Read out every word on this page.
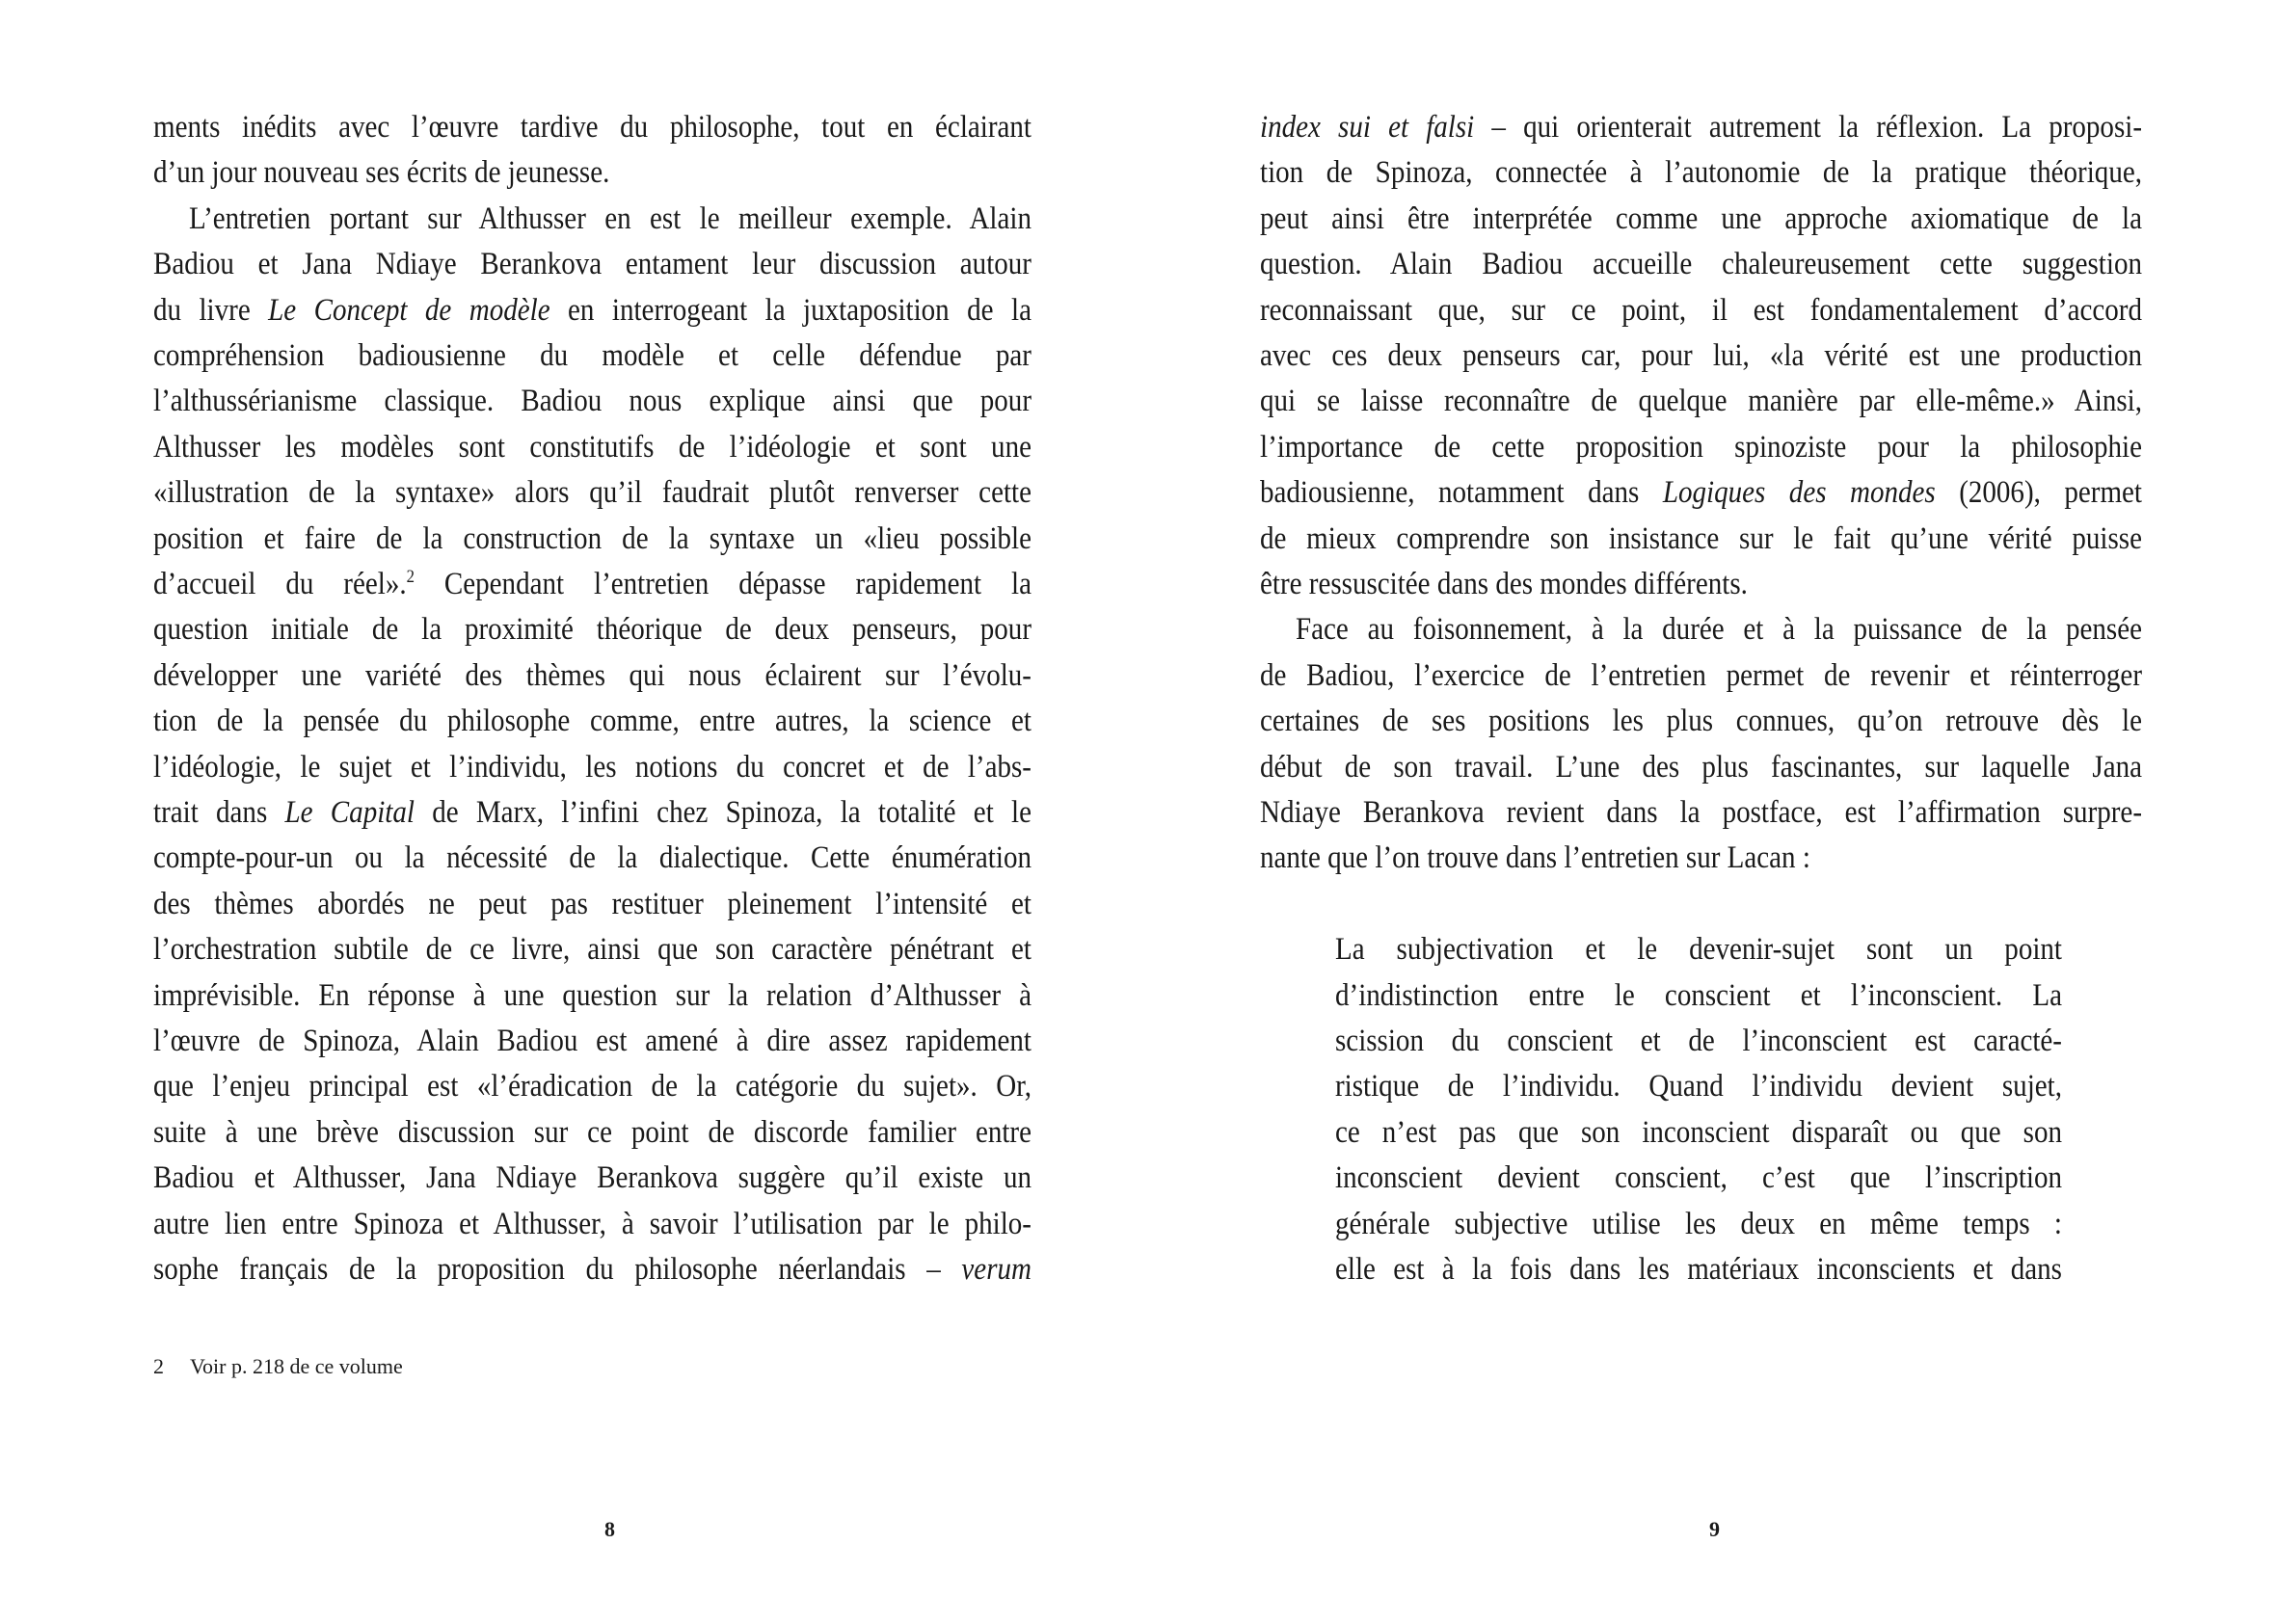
ments inédits avec l’œuvre tardive du philosophe, tout en éclairant
d’un jour nouveau ses écrits de jeunesse.
L’entretien portant sur Althusser en est le meilleur exemple. Alain
Badiou et Jana Ndiaye Berankova entament leur discussion autour
du livre Le Concept de modèle en interrogeant la juxtaposition de la
compréhension badiousienne du modèle et celle défendue par
l’althussérianisme classique. Badiou nous explique ainsi que pour
Althusser les modèles sont constitutifs de l’idéologie et sont une
«illustration de la syntaxe» alors qu’il faudrait plutôt renverser cette
position et faire de la construction de la syntaxe un «lieu possible
d’accueil du réel».$^2$ Cependant l’entretien dépasse rapidement la
question initiale de la proximité théorique de deux penseurs, pour
développer une variété des thèmes qui nous éclairent sur l’évolu-
tion de la pensée du philosophe comme, entre autres, la science et
l’idéologie, le sujet et l’individu, les notions du concret et de l’abs-
trait dans Le Capital de Marx, l’infini chez Spinoza, la totalité et le
compte-pour-un ou la nécessité de la dialectique. Cette énumération
des thèmes abordés ne peut pas restituer pleinement l’intensité et
l’orchestration subtile de ce livre, ainsi que son caractère pénétrant et
imprévisible. En réponse à une question sur la relation d’Althusser à
l’œuvre de Spinoza, Alain Badiou est amené à dire assez rapidement
que l’enjeu principal est «l’éradication de la catégorie du sujet». Or,
suite à une brève discussion sur ce point de discorde familier entre
Badiou et Althusser, Jana Ndiaye Berankova suggère qu’il existe un
autre lien entre Spinoza et Althusser, à savoir l’utilisation par le philo-
sophe français de la proposition du philosophe néerlandais – verum
2 Voir p. 218 de ce volume
8
index sui et falsi – qui orienterait autrement la réflexion. La proposi-
tion de Spinoza, connectée à l’autonomie de la pratique théorique,
peut ainsi être interprétée comme une approche axiomatique de la
question. Alain Badiou accueille chaleureusement cette suggestion
reconnaissant que, sur ce point, il est fondamentalement d’accord
avec ces deux penseurs car, pour lui, «la vérité est une production
qui se laisse reconnaître de quelque manière par elle-même.» Ainsi,
l’importance de cette proposition spinoziste pour la philosophie
badiousienne, notamment dans Logiques des mondes (2006), permet
de mieux comprendre son insistance sur le fait qu’une vérité puisse
être ressuscitée dans des mondes différents.
Face au foisonnement, à la durée et à la puissance de la pensée
de Badiou, l’exercice de l’entretien permet de revenir et réinterroger
certaines de ses positions les plus connues, qu’on retrouve dès le
début de son travail. L’une des plus fascinantes, sur laquelle Jana
Ndiaye Berankova revient dans la postface, est l’affirmation surpre-
nante que l’on trouve dans l’entretien sur Lacan :
La subjectivation et le devenir-sujet sont un point
d’indistinction entre le conscient et l’inconscient. La
scission du conscient et de l’inconscient est caracté-
ristique de l’individu. Quand l’individu devient sujet,
ce n’est pas que son inconscient disparaît ou que son
inconscient devient conscient, c’est que l’inscription
générale subjective utilise les deux en même temps :
elle est à la fois dans les matériaux inconscients et dans
9
